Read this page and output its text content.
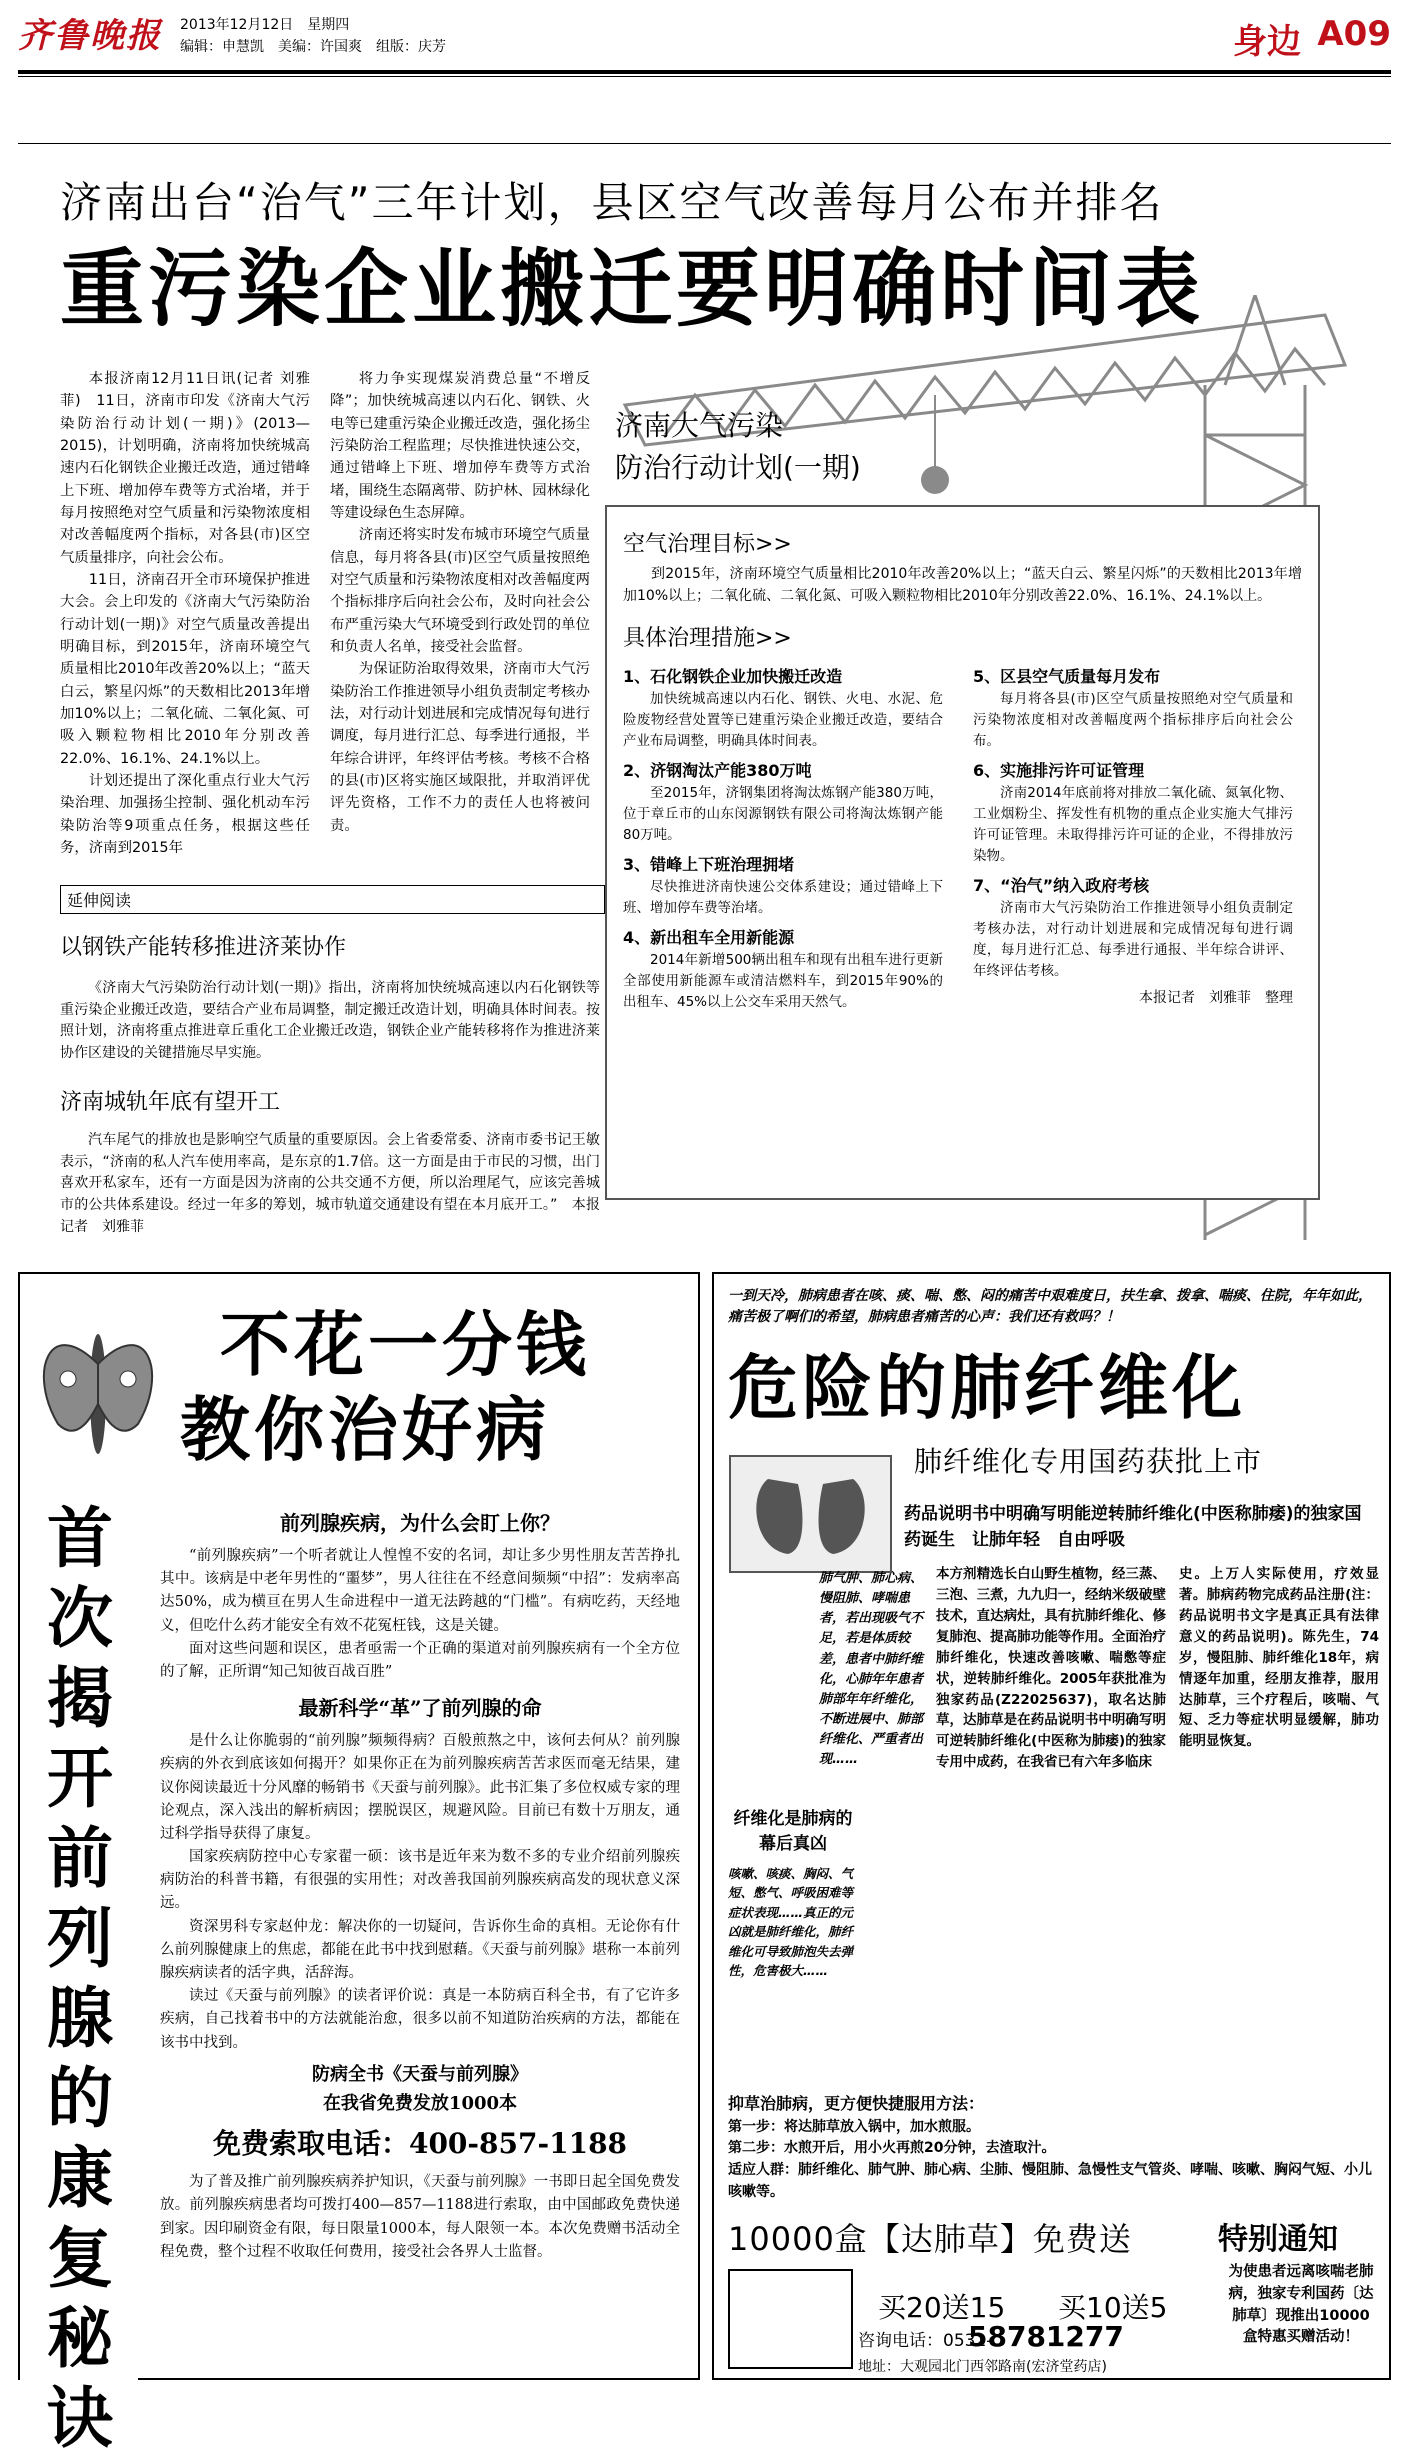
齐鲁晚报 2013年12月12日　星期四
编辑：申慧凯　美编：许国爽　组版：庆芳	身边 A09
济南出台“治气”三年计划，县区空气改善每月公布并排名
重污染企业搬迁要明确时间表

本报济南12月11日讯(记者 刘雅菲)　11日，济南市印发《济南大气污染防治行动计划(一期)》(2013—2015)，计划明确，济南将加快统城高速内石化钢铁企业搬迁改造，通过错峰上下班、增加停车费等方式治堵，并于每月按照绝对空气质量和污染物浓度相对改善幅度两个指标，对各县(市)区空气质量排序，向社会公布。

11日，济南召开全市环境保护推进大会。会上印发的《济南大气污染防治行动计划(一期)》对空气质量改善提出明确目标，到2015年，济南环境空气质量相比2010年改善20%以上；“蓝天白云，繁星闪烁”的天数相比2013年增加10%以上；二氧化硫、二氧化氮、可吸入颗粒物相比2010年分别改善22.0%、16.1%、24.1%以上。

计划还提出了深化重点行业大气污染治理、加强扬尘控制、强化机动车污染防治等9项重点任务，根据这些任务，济南到2015年

将力争实现煤炭消费总量“不增反降”；加快统城高速以内石化、钢铁、火电等已建重污染企业搬迁改造，强化扬尘污染防治工程监理；尽快推进快速公交，通过错峰上下班、增加停车费等方式治堵，围绕生态隔离带、防护林、园林绿化等建设绿色生态屏障。

济南还将实时发布城市环境空气质量信息，每月将各县(市)区空气质量按照绝对空气质量和污染物浓度相对改善幅度两个指标排序后向社会公布，及时向社会公布严重污染大气环境受到行政处罚的单位和负责人名单，接受社会监督。

为保证防治取得效果，济南市大气污染防治工作推进领导小组负责制定考核办法，对行动计划进展和完成情况每旬进行调度，每月进行汇总、每季进行通报，半年综合讲评，年终评估考核。考核不合格的县(市)区将实施区域限批，并取消评优评先资格，工作不力的责任人也将被问责。

延伸阅读
以钢铁产能转移推进济莱协作

《济南大气污染防治行动计划(一期)》指出，济南将加快统城高速以内石化钢铁等重污染企业搬迁改造，要结合产业布局调整，制定搬迁改造计划，明确具体时间表。按照计划，济南将重点推进章丘重化工企业搬迁改造，钢铁企业产能转移将作为推进济莱协作区建设的关键措施尽早实施。

济南城轨年底有望开工

汽车尾气的排放也是影响空气质量的重要原因。会上省委常委、济南市委书记王敏表示，“济南的私人汽车使用率高，是东京的1.7倍。这一方面是由于市民的习惯，出门喜欢开私家车，还有一方面是因为济南的公共交通不方便，所以治理尾气，应该完善城市的公共体系建设。经过一年多的筹划，城市轨道交通建设有望在本月底开工。”　本报记者　刘雅菲

济南大气污染
防治行动计划(一期)
空气治理目标>>

到2015年，济南环境空气质量相比2010年改善20%以上；“蓝天白云、繁星闪烁”的天数相比2013年增加10%以上；二氧化硫、二氧化氮、可吸入颗粒物相比2010年分别改善22.0%、16.1%、24.1%以上。

具体治理措施>>
1、石化钢铁企业加快搬迁改造

加快统城高速以内石化、钢铁、火电、水泥、危险废物经营处置等已建重污染企业搬迁改造，要结合产业布局调整，明确具体时间表。

2、济钢淘汰产能380万吨

至2015年，济钢集团将淘汰炼钢产能380万吨，位于章丘市的山东闵源钢铁有限公司将淘汰炼钢产能80万吨。

3、错峰上下班治理拥堵

尽快推进济南快速公交体系建设；通过错峰上下班、增加停车费等治堵。

4、新出租车全用新能源

2014年新增500辆出租车和现有出租车进行更新全部使用新能源车或清洁燃料车，到2015年90%的出租车、45%以上公交车采用天然气。

5、区县空气质量每月发布

每月将各县(市)区空气质量按照绝对空气质量和污染物浓度相对改善幅度两个指标排序后向社会公布。

6、实施排污许可证管理

济南2014年底前将对排放二氧化硫、氮氧化物、工业烟粉尘、挥发性有机物的重点企业实施大气排污许可证管理。未取得排污许可证的企业，不得排放污染物。

7、“治气”纳入政府考核

济南市大气污染防治工作推进领导小组负责制定考核办法，对行动计划进展和完成情况每旬进行调度，每月进行汇总、每季进行通报、半年综合讲评、年终评估考核。

本报记者　刘雅菲　整理

不花一分钱
教你治好病
首次揭开前列腺的康复秘诀

前列腺疾病，为什么会盯上你？

“前列腺疾病”一个听者就让人惶惶不安的名词，却让多少男性朋友苦苦挣扎其中。该病是中老年男性的“噩梦”，男人往往在不经意间频频“中招”：发病率高达50%，成为横亘在男人生命进程中一道无法跨越的“门槛”。有病吃药，天经地义，但吃什么药才能安全有效不花冤枉钱，这是关键。

面对这些问题和误区，患者亟需一个正确的渠道对前列腺疾病有一个全方位的了解，正所谓“知己知彼百战百胜”

最新科学“革”了前列腺的命

是什么让你脆弱的“前列腺”频频得病？百般煎熬之中，该何去何从？前列腺疾病的外衣到底该如何揭开？如果你正在为前列腺疾病苦苦求医而毫无结果，建议你阅读最近十分风靡的畅销书《天蚕与前列腺》。此书汇集了多位权威专家的理论观点，深入浅出的解析病因；摆脱误区，规避风险。目前已有数十万朋友，通过科学指导获得了康复。

国家疾病防控中心专家翟一硕：该书是近年来为数不多的专业介绍前列腺疾病防治的科普书籍，有很强的实用性；对改善我国前列腺疾病高发的现状意义深远。

资深男科专家赵仲龙：解决你的一切疑问，告诉你生命的真相。无论你有什么前列腺健康上的焦虑，都能在此书中找到慰藉。《天蚕与前列腺》堪称一本前列腺疾病读者的活字典，活辞海。

读过《天蚕与前列腺》的读者评价说：真是一本防病百科全书，有了它许多疾病，自己找着书中的方法就能治愈，很多以前不知道防治疾病的方法，都能在该书中找到。

防病全书《天蚕与前列腺》

在我省免费发放1000本

免费索取电话：400-857-1188

为了普及推广前列腺疾病养护知识，《天蚕与前列腺》一书即日起全国免费发放。前列腺疾病患者均可拨打400—857—1188进行索取，由中国邮政免费快递到家。因印刷资金有限，每日限量1000本，每人限领一本。本次免费赠书活动全程免费，整个过程不收取任何费用，接受社会各界人士监督。

一到天冷，肺病患者在咳、痰、喘、憋、闷的痛苦中艰难度日，扶生拿、拨拿、喘痰、住院，年年如此，痛苦极了啊们的希望，肺病患者痛苦的心声：我们还有救吗？！
危险的肺纤维化
肺纤维化专用国药获批上市
药品说明书中明确写明能逆转肺纤维化(中医称肺痿)的独家国药诞生　让肺年轻　自由呼吸
肺气肿、肺心病、慢阻肺、哮喘患者，若出现吸气不足，若是体质较差，患者中肺纤维化，心肺年年患者肺部年年纤维化，不断进展中、肺部纤维化、严重者出现……
本方剂精选长白山野生植物，经三蒸、三泡、三煮，九九归一，经纳米级破壁技术，直达病灶，具有抗肺纤维化、修复肺泡、提高肺功能等作用。全面治疗肺纤维化，快速改善咳嗽、喘憋等症状，逆转肺纤维化。2005年获批准为独家药品(Z22025637)，取名达肺草，达肺草是在药品说明书中明确写明可逆转肺纤维化(中医称为肺痿)的独家专用中成药，在我省已有六年多临床
史。上万人实际使用，疗效显著。肺病药物完成药品注册(注：药品说明书文字是真正具有法律意义的药品说明)。陈先生，74岁，慢阻肺、肺纤维化18年，病情逐年加重，经朋友推荐，服用达肺草，三个疗程后，咳喘、气短、乏力等症状明显缓解，肺功能明显恢复。
纤维化是肺病的
幕后真凶
咳嗽、咳痰、胸闷、气短、憋气、呼吸困难等症状表现……真正的元凶就是肺纤维化，肺纤维化可导致肺泡失去弹性，危害极大……
抑草治肺病，更方便快捷服用方法：
第一步：将达肺草放入锅中，加水煎服。
第二步：水煎开后，用小火再煎20分钟，去渣取汁。
适应人群：肺纤维化、肺气肿、肺心病、尘肺、慢阻肺、急慢性支气管炎、哮喘、咳嗽、胸闷气短、小儿咳嗽等。
10000盒【达肺草】免费送
买20送15 买10送5
咨询电话：0531-
58781277
地址：大观园北门西邻路南(宏济堂药店)
特别通知
为使患者远离咳喘老肺病，独家专利国药〔达肺草〕现推出10000盒特惠买赠活动！
